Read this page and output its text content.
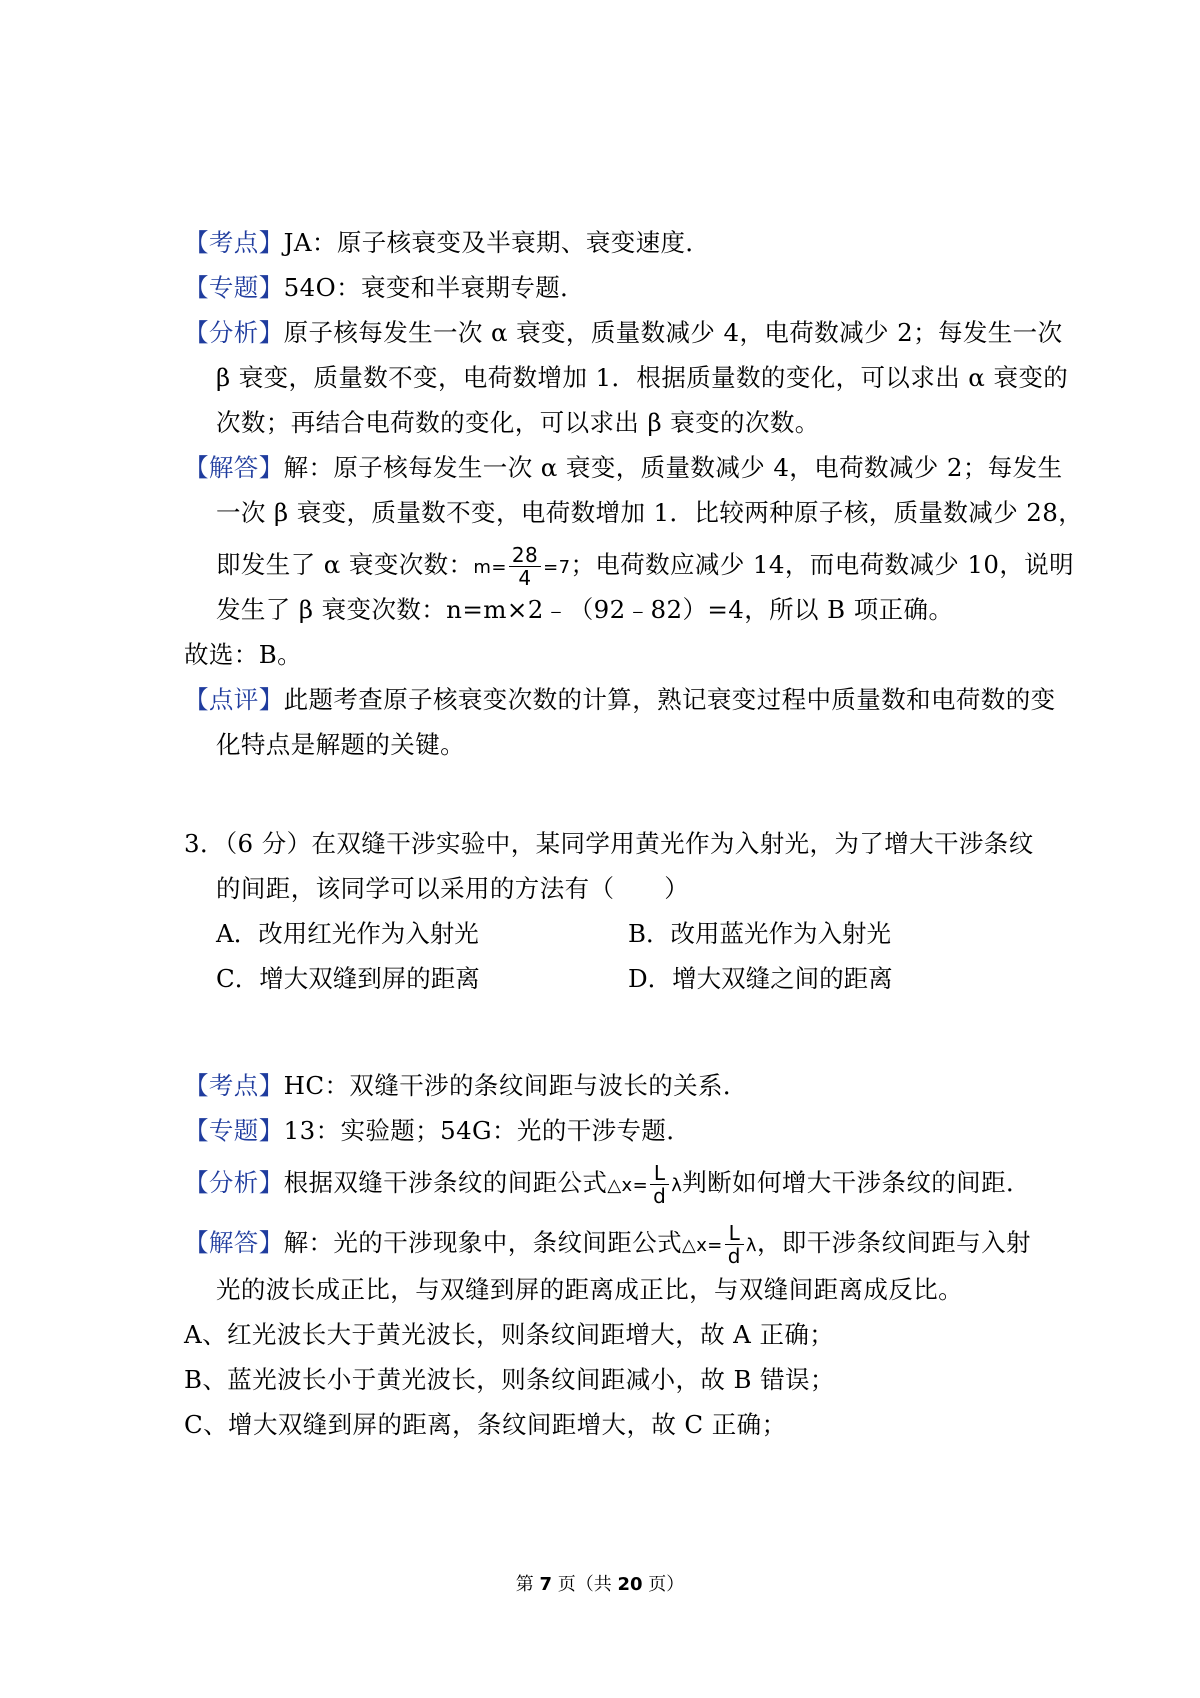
【考点】JA：原子核衰变及半衰期、衰变速度．
【专题】54O：衰变和半衰期专题．
【分析】原子核每发生一次 α 衰变，质量数减少 4，电荷数减少 2；每发生一次
β 衰变，质量数不变，电荷数增加 1．根据质量数的变化，可以求出 α 衰变的
次数；再结合电荷数的变化，可以求出 β 衰变的次数。
【解答】解：原子核每发生一次 α 衰变，质量数减少 4，电荷数减少 2；每发生
一次 β 衰变，质量数不变，电荷数增加 1．比较两种原子核，质量数减少 28，
即发生了 α 衰变次数：$m= \frac{28}{4} =7$；电荷数应减少 14，而电荷数减少 10，说明
发生了 β 衰变次数：n=m×2﹣（92﹣82）=4，所以 B 项正确。
故选：B。
【点评】此题考查原子核衰变次数的计算，熟记衰变过程中质量数和电荷数的变
化特点是解题的关键。
3．（6 分）在双缝干涉实验中，某同学用黄光作为入射光，为了增大干涉条纹
的间距，该同学可以采用的方法有（　　）
A．改用红光作为入射光	B．改用蓝光作为入射光
C．增大双缝到屏的距离	D．增大双缝之间的距离
【考点】HC：双缝干涉的条纹间距与波长的关系．
【专题】13：实验题；54G：光的干涉专题．
【分析】根据双缝干涉条纹的间距公式△x= $\frac{L}{d}$ λ判断如何增大干涉条纹的间距．
【解答】解：光的干涉现象中，条纹间距公式△x= $\frac{L}{d}$ λ，即干涉条纹间距与入射
光的波长成正比，与双缝到屏的距离成正比，与双缝间距离成反比。
A、红光波长大于黄光波长，则条纹间距增大，故 A 正确；
B、蓝光波长小于黄光波长，则条纹间距减小，故 B 错误；
C、增大双缝到屏的距离，条纹间距增大，故 C 正确；
第 7 页（共 20 页）
